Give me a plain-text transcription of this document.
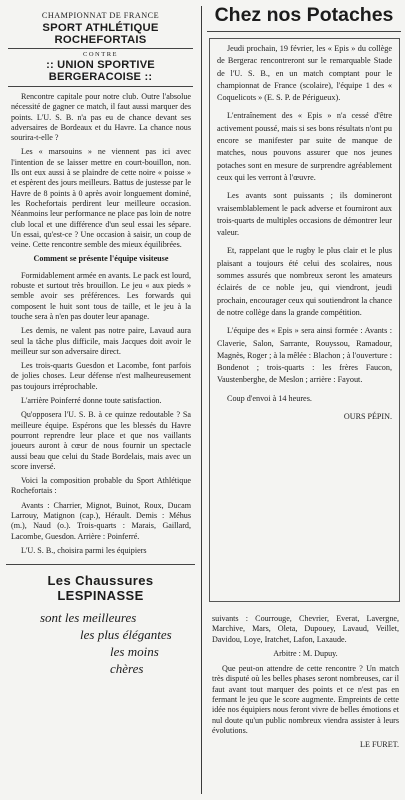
CHAMPIONNAT DE FRANCE
SPORT ATHLÉTIQUE ROCHEFORTAIS
CONTRE
:: UNION SPORTIVE BERGERACOISE ::

Rencontre capitale pour notre club. Outre l'absolue nécessité de gagner ce match, il faut aussi marquer des points. L'U. S. B. n'a pas eu de chance devant ses adversaires de Bordeaux et du Havre. La chance nous sourira-t-elle ?

Les « marsouins » ne viennent pas ici avec l'intention de se laisser mettre en court-bouillon, non. Ils ont eux aussi à se plaindre de cette noire « poisse » et espèrent des jours meilleurs. Battus de justesse par le Havre de 8 points à 0 après avoir longuement dominé, les Rochefortais perdirent leur meilleure occasion. Néanmoins leur performance ne place pas loin de notre club local et une différence d'un seul essai les sépare. Un essai, qu'est-ce ? Une occasion à saisir, un coup de veine. Cette rencontre semble des mieux équilibrées.

Comment se présente l'équipe visiteuse

Formidablement armée en avants. Le pack est lourd, robuste et surtout très brouillon. Le jeu « aux pieds » semble avoir ses préférences. Les forwards qui composent le huit sont tous de taille, et le jeu à la touche sera à n'en pas douter leur apanage.

Les demis, ne valent pas notre paire, Lavaud aura seul la tâche plus difficile, mais Jacques doit avoir le meilleur sur son adversaire direct.

Les trois-quarts Guesdon et Lacombe, font parfois de jolies choses. Leur défense n'est malheureusement pas toujours irréprochable.

L'arrière Poinferré donne toute satisfaction.

Qu'opposera l'U. S. B. à ce quinze redoutable ? Sa meilleure équipe. Espérons que les blessés du Havre pourront reprendre leur place et que nos vaillants joueurs auront à cœur de nous fournir un spectacle aussi beau que celui du Stade Bordelais, mais avec un score inversé.

Voici la composition probable du Sport Athlétique Rochefortais :

Avants : Charrier, Mignot, Buinot, Roux, Ducam Larrouy, Matignon (cap.), Hérault. Demis : Méhus (m.), Naud (o.). Trois-quarts : Marais, Gaillard, Lacombe, Guesdon. Arrière : Poinferré.

L'U. S. B., choisira parmi les équipiers

Les Chaussures LESPINASSE
sont les meilleures
les plus élégantes
les moins chères
Chez nos Potaches

Jeudi prochain, 19 février, les « Epis » du collège de Bergerac rencontreront sur le remarquable Stade de l'U. S. B., en un match comptant pour le championnat de France (scolaire), l'équipe 1 des « Coquelicots » (E. S. P. de Périgueux).

L'entraînement des « Epis » n'a cessé d'être activement poussé, mais si ses bons résultats n'ont pu encore se manifester par suite de manque de matches, nous pouvons assurer que nos jeunes potaches sont en mesure de surprendre agréablement ceux qui les verront à l'œuvre.

Les avants sont puissants ; ils domineront vraisemblablement le pack adverse et fourniront aux trois-quarts de multiples occasions de démontrer leur valeur.

Et, rappelant que le rugby le plus clair et le plus plaisant a toujours été celui des scolaires, nous sommes assurés que nombreux seront les amateurs éclairés de ce noble jeu, qui viendront, jeudi prochain, encourager ceux qui soutiendront la chance de notre collège dans la grande compétition.

L'équipe des « Epis » sera ainsi formée : Avants : Claverie, Salon, Sarrante, Rouyssou, Ramadour, Magnès, Roger ; à la mêlée : Blachon ; à l'ouverture : Bondenot ; trois-quarts : les frères Faucon, Vaustenberghe, de Meslon ; arrière : Fayout.

Coup d'envoi à 14 heures.

OURS PÉPIN.

suivants : Courrouge, Chevrier, Everat, Lavergne, Marchive, Mars, Oleta, Dupouey, Lavaud, Veillet, Davidou, Loye, Iratchet, Lafon, Laxaude.

Arbitre : M. Dupuy.

Que peut-on attendre de cette rencontre ? Un match très disputé où les belles phases seront nombreuses, car il faut avant tout marquer des points et ce n'est pas en fermant le jeu que le score augmente. Empreints de cette idée nos équipiers nous feront vivre de belles émotions et nul doute qu'un public nombreux viendra assister à leurs évolutions.

LE FURET.
